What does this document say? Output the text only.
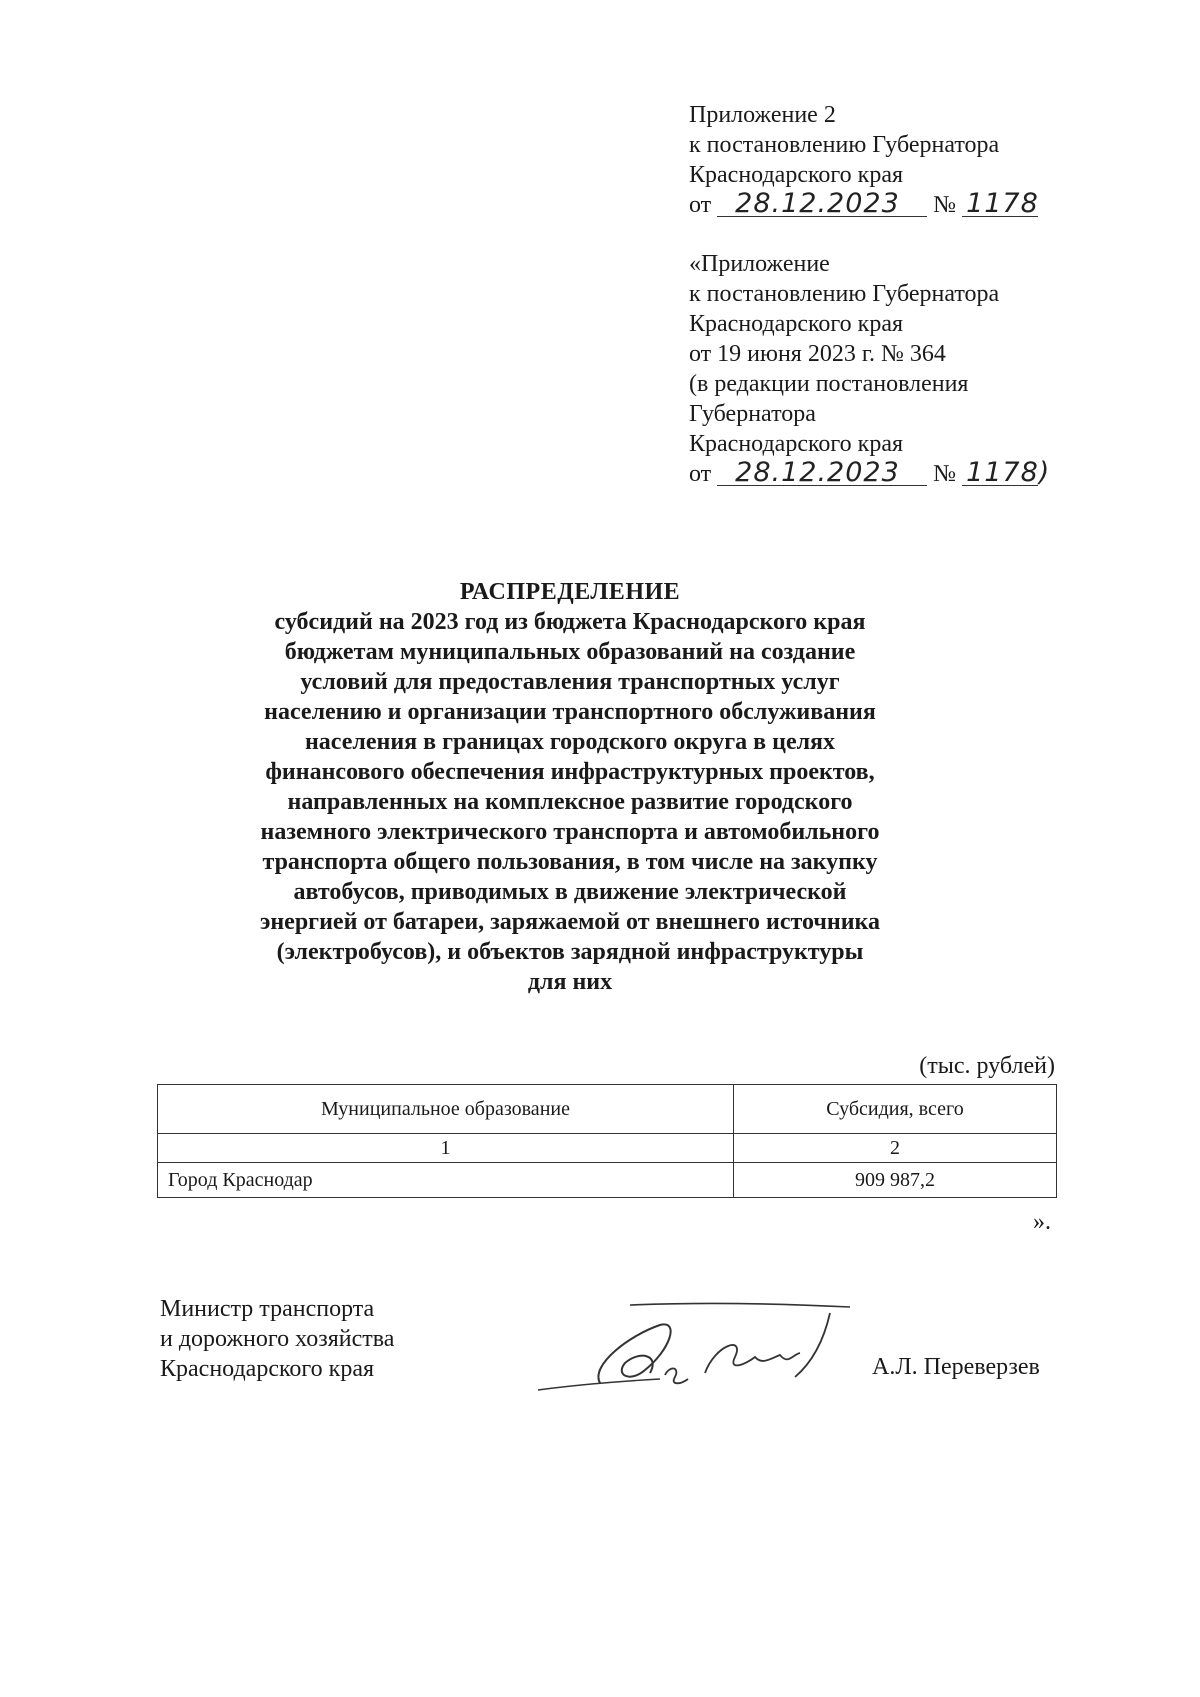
Приложение 2
к постановлению Губернатора
Краснодарского края
от 28.12.2023 № 1178
«Приложение
к постановлению Губернатора
Краснодарского края
от 19 июня 2023 г. № 364
(в редакции постановления
Губернатора
Краснодарского края
от 28.12.2023 № 1178)
РАСПРЕДЕЛЕНИЕ
субсидий на 2023 год из бюджета Краснодарского края
бюджетам муниципальных образований на создание
условий для предоставления транспортных услуг
населению и организации транспортного обслуживания
населения в границах городского округа в целях
финансового обеспечения инфраструктурных проектов,
направленных на комплексное развитие городского
наземного электрического транспорта и автомобильного
транспорта общего пользования, в том числе на закупку
автобусов, приводимых в движение электрической
энергией от батареи, заряжаемой от внешнего источника
(электробусов), и объектов зарядной инфраструктуры
для них
(тыс. рублей)
Муниципальное образование	Субсидия, всего
1	2
Город Краснодар	909 987,2
».
Министр транспорта
и дорожного хозяйства
Краснодарского края	А.Л. Переверзев
